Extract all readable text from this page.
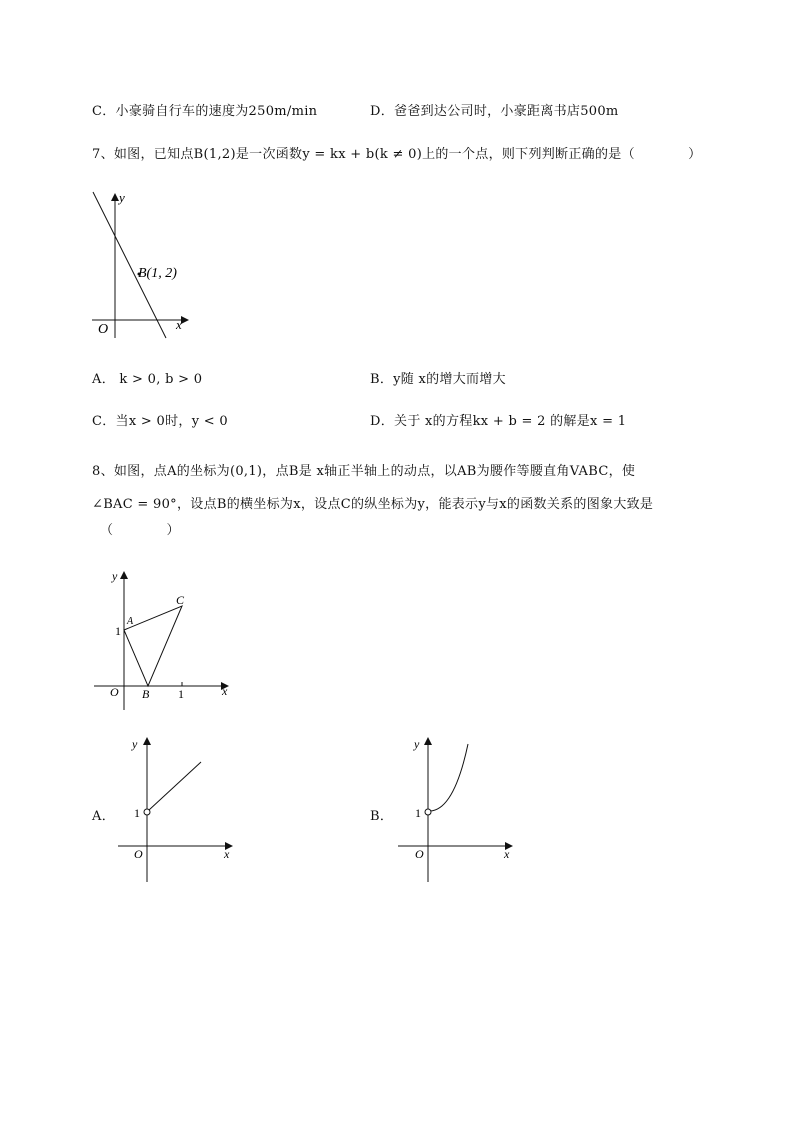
C．小豪骑自行车的速度为250m/min	D．爸爸到达公司时，小豪距离书店500m
7、如图，已知点B(1,2)是一次函数y = kx + b(k ≠ 0)上的一个点，则下列判断正确的是（　　　　）
y
x
O
B(1, 2)
A． k > 0, b > 0	B．y随 x的增大而增大
C．当x > 0时，y < 0	D．关于 x的方程kx + b = 2 的解是x = 1
8、如图，点A的坐标为(0,1)，点B是 x轴正半轴上的动点，以AB为腰作等腰直角VABC，使
∠BAC = 90°，设点B的横坐标为x，设点C的纵坐标为y，能表示y与x的函数关系的图象大致是
（　　　　）
y
x
O
1
1
A
B
C
A．
y
x
O
1	B．
y
x
O
1
